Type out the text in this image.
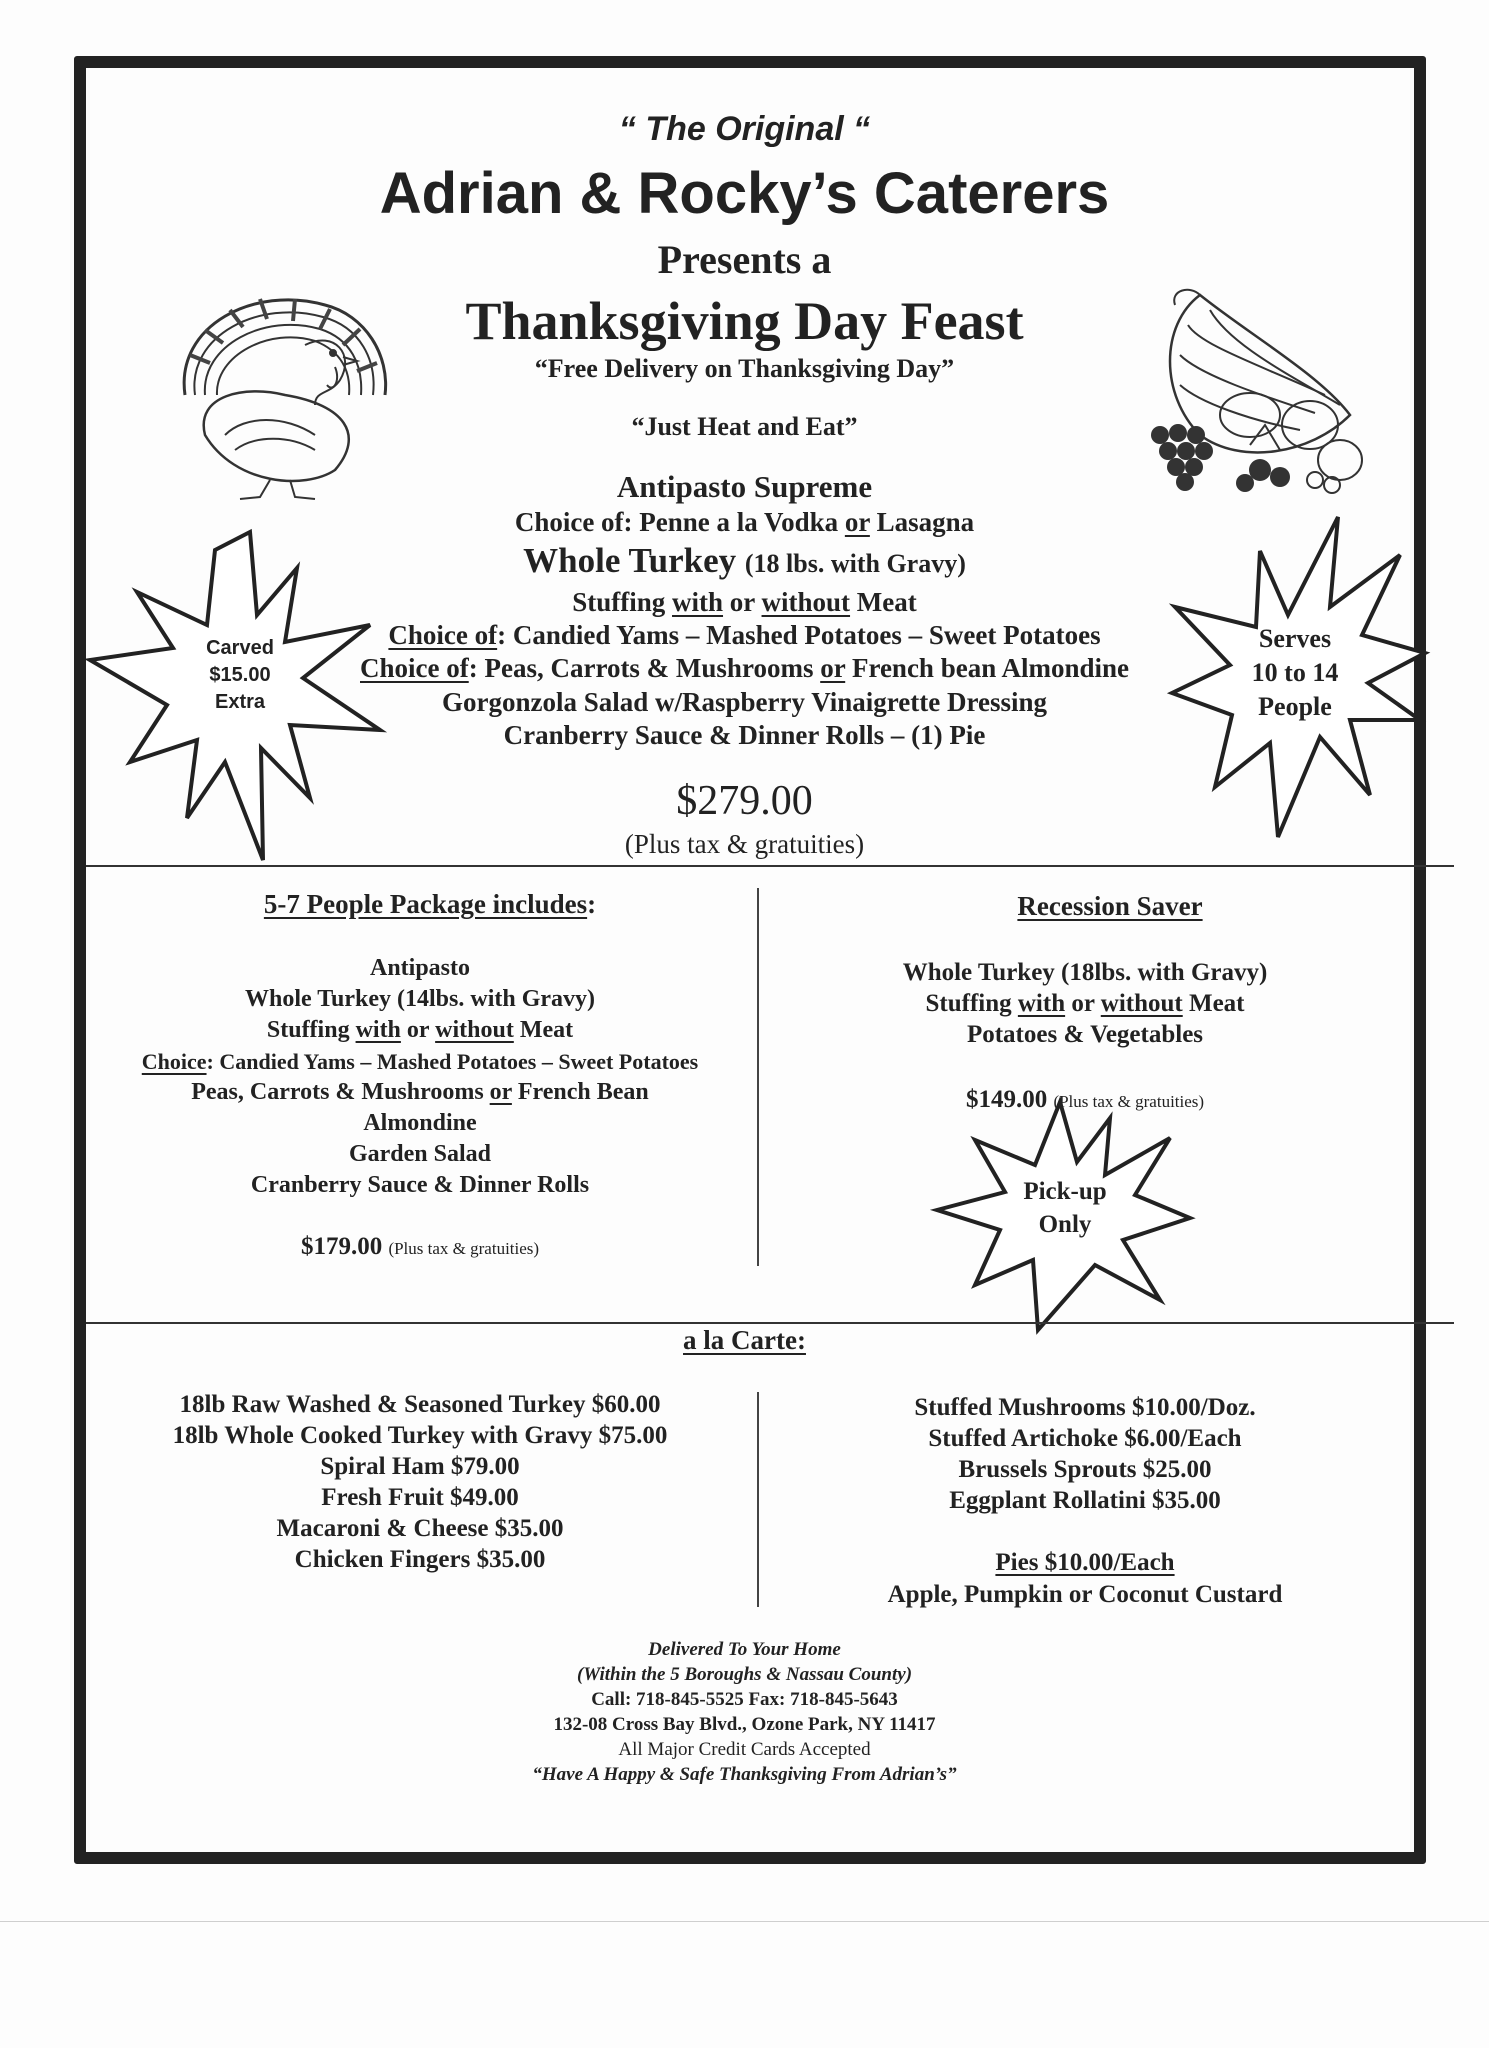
“ The Original “
Adrian & Rocky’s Caterers
Presents a
Thanksgiving Day Feast
“Free Delivery on Thanksgiving Day”
“Just Heat and Eat”
Antipasto Supreme
Choice of: Penne a la Vodka or Lasagna
Whole Turkey (18 lbs. with Gravy)
Stuffing with or without Meat
Choice of: Candied Yams – Mashed Potatoes – Sweet Potatoes
Choice of: Peas, Carrots & Mushrooms or French bean Almondine
Gorgonzola Salad w/Raspberry Vinaigrette Dressing
Cranberry Sauce & Dinner Rolls – (1) Pie
$279.00
(Plus tax & gratuities)
Carved
$15.00
Extra
Serves
10 to 14
People
5-7 People Package includes:
Antipasto
Whole Turkey (14lbs. with Gravy)
Stuffing with or without Meat
Choice: Candied Yams – Mashed Potatoes – Sweet Potatoes
Peas, Carrots & Mushrooms or French Bean
Almondine
Garden Salad
Cranberry Sauce & Dinner Rolls
$179.00 (Plus tax & gratuities)
Recession Saver
Whole Turkey (18lbs. with Gravy)
Stuffing with or without Meat
Potatoes & Vegetables
$149.00 (Plus tax & gratuities)
Pick-up
Only
a la Carte:
18lb Raw Washed & Seasoned Turkey $60.00
18lb Whole Cooked Turkey with Gravy $75.00
Spiral Ham $79.00
Fresh Fruit $49.00
Macaroni & Cheese $35.00
Chicken Fingers $35.00
Stuffed Mushrooms $10.00/Doz.
Stuffed Artichoke $6.00/Each
Brussels Sprouts $25.00
Eggplant Rollatini $35.00
Pies $10.00/Each
Apple, Pumpkin or Coconut Custard
Delivered To Your Home
(Within the 5 Boroughs & Nassau County)
Call: 718-845-5525 Fax: 718-845-5643
132-08 Cross Bay Blvd., Ozone Park, NY 11417
All Major Credit Cards Accepted
“Have A Happy & Safe Thanksgiving From Adrian’s”
